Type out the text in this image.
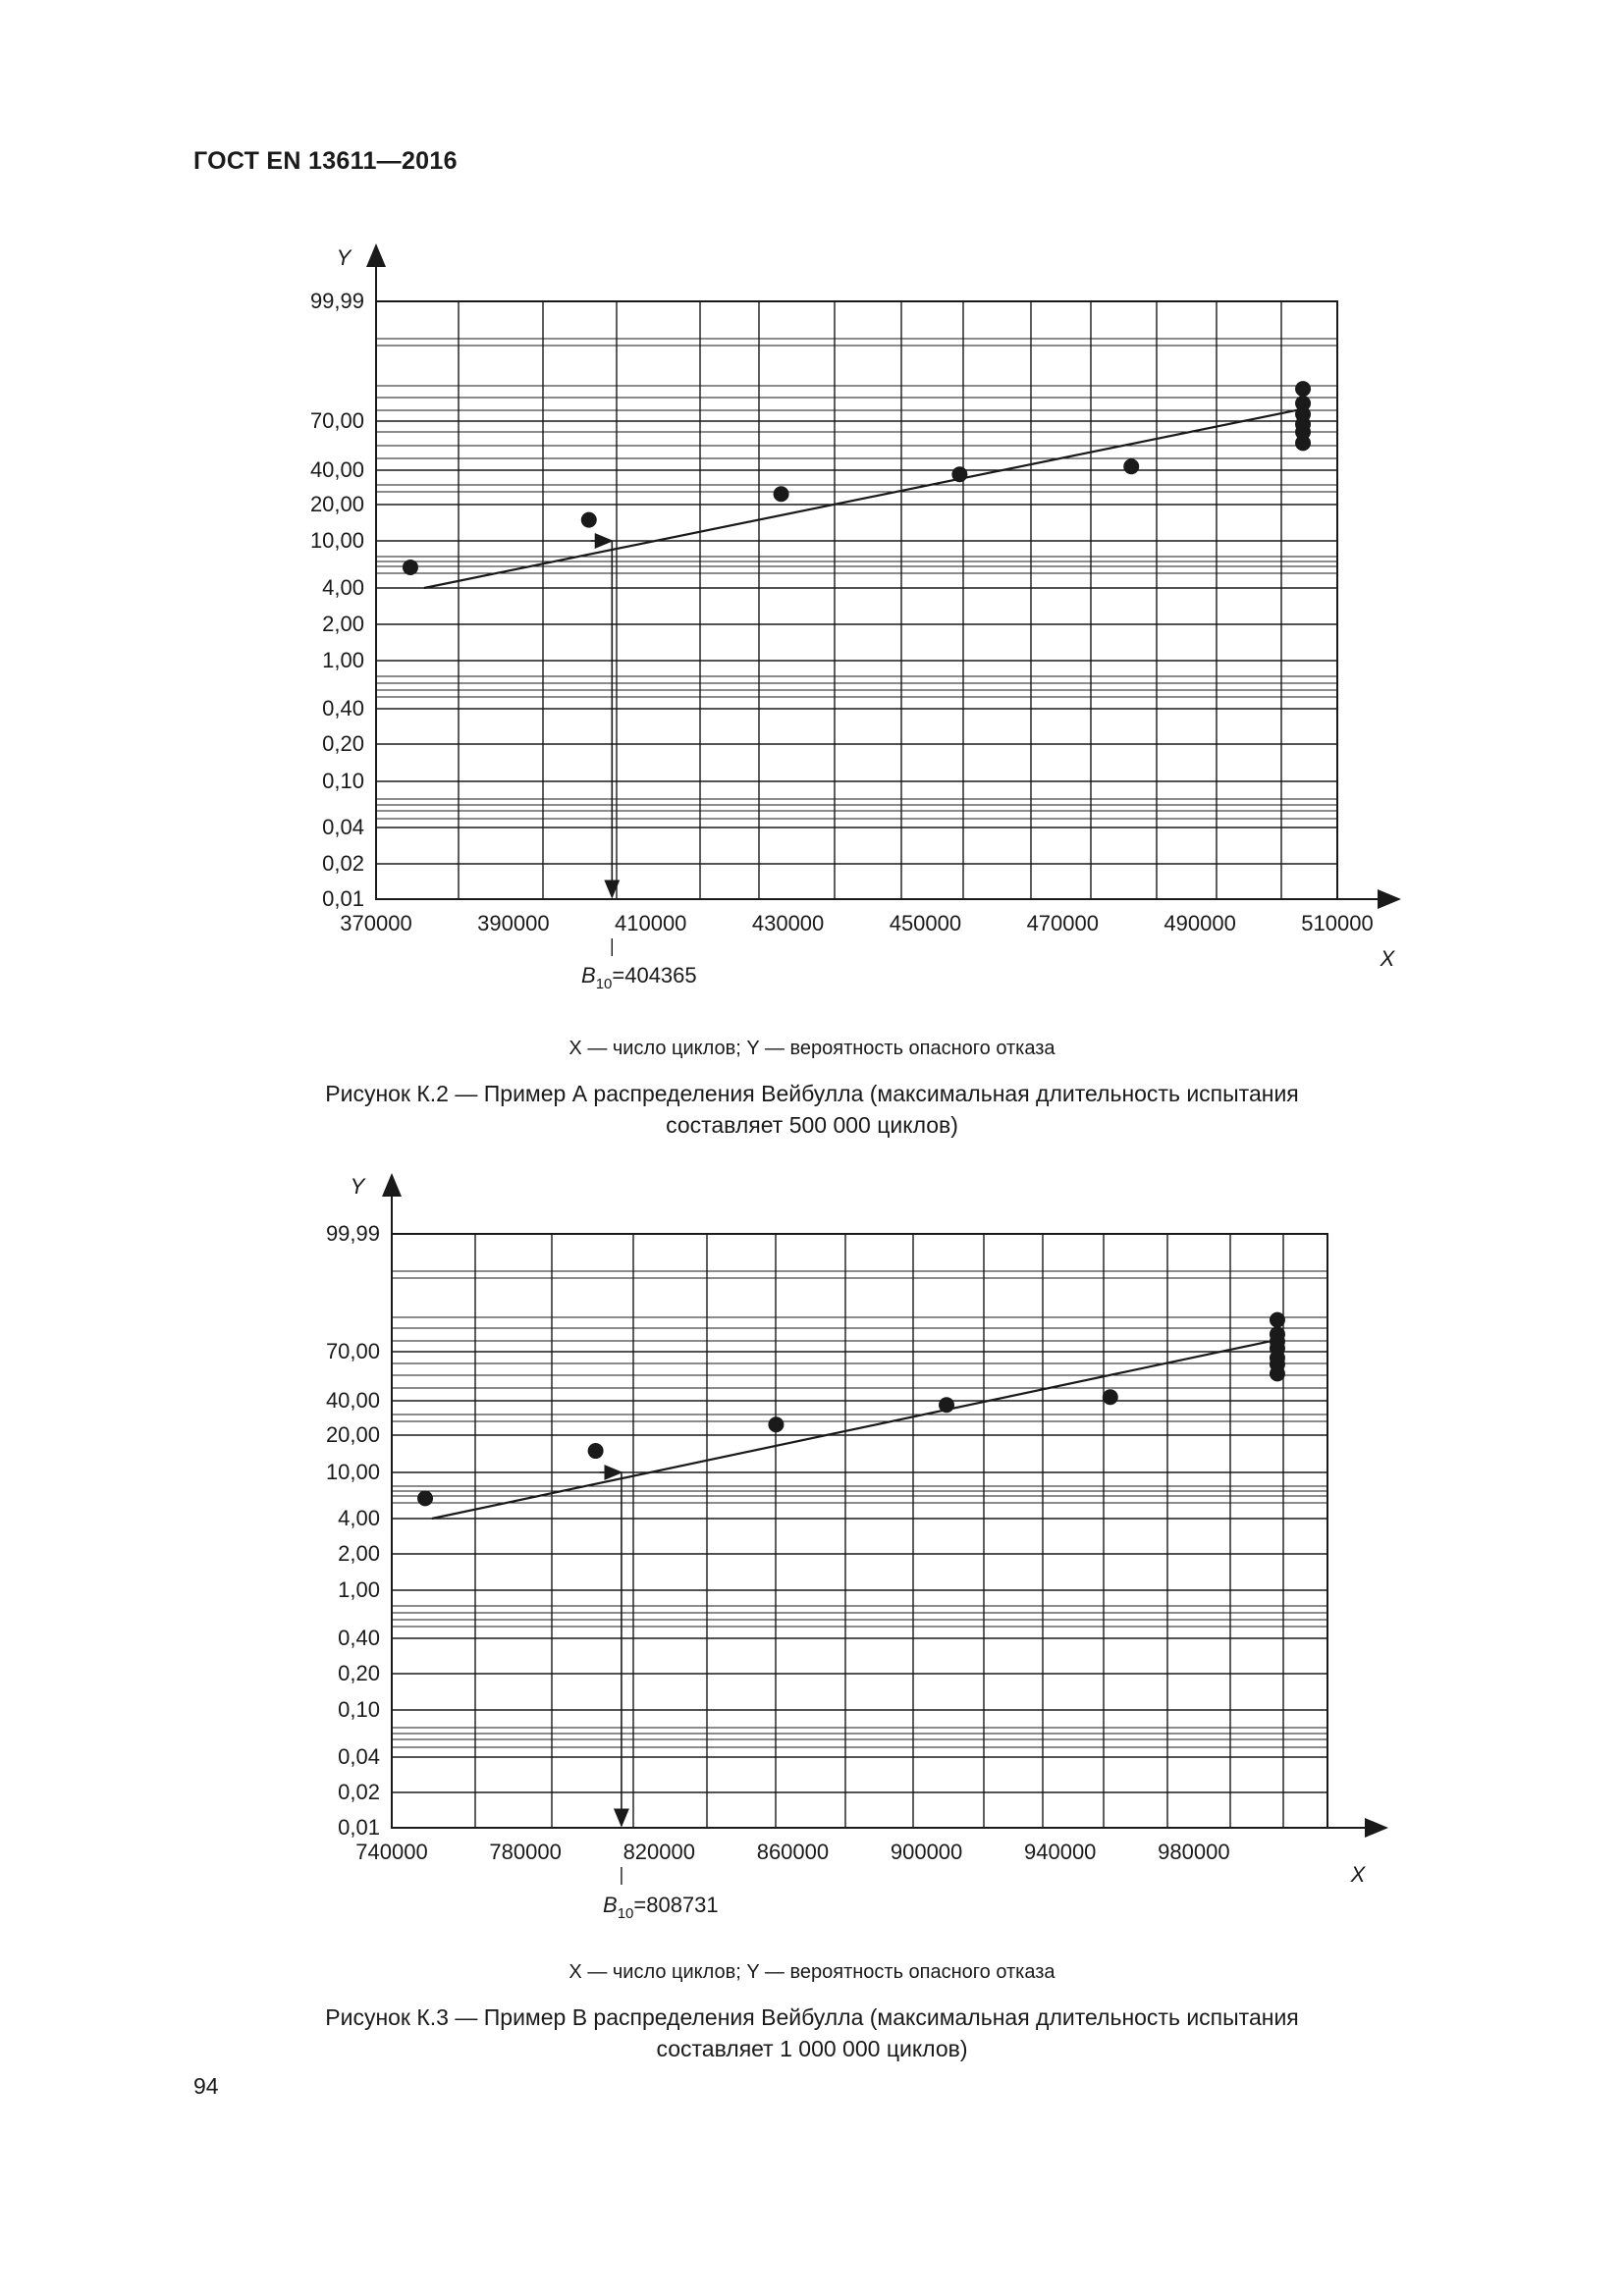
ГОСТ EN 13611—2016
Y
X
0,01
0,02
0,04
0,10
0,20
0,40
1,00
2,00
4,00
10,00
20,00
40,00
70,00
99,99
370000	390000	410000	430000	450000	470000	490000	510000
$B_{10}=404365$
X — число циклов; Y — вероятность опасного отказа
Рисунок К.2 — Пример А распределения Вейбулла (максимальная длительность испытания
составляет 500 000 циклов)
Y
X
0,01
0,02
0,04
0,10
0,20
0,40
1,00
2,00
4,00
10,00
20,00
40,00
70,00
99,99
740000	780000	820000	860000	900000	940000	980000
$B_{10}=808731$
X — число циклов; Y — вероятность опасного отказа
Рисунок К.3 — Пример B распределения Вейбулла (максимальная длительность испытания
составляет 1 000 000 циклов)
94
